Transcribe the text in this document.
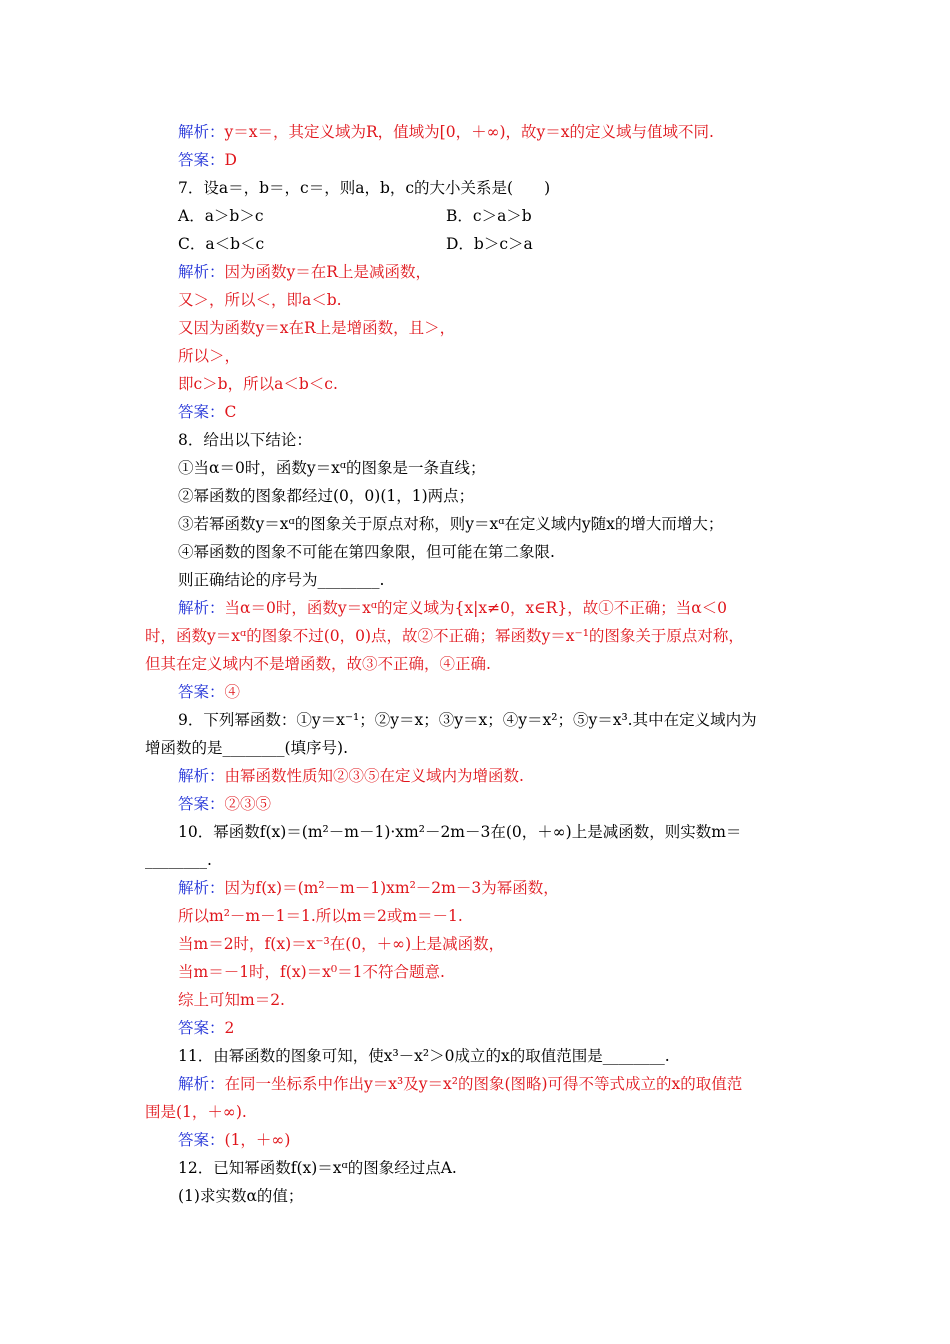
解析：y＝x＝，其定义域为R，值域为[0，＋∞)，故y＝x的定义域与值域不同.
答案：D
7．设a＝，b＝，c＝，则a，b，c的大小关系是(　　)
A．a＞b＞c	B．c＞a＞b
C．a＜b＜c	D．b＞c＞a
解析：因为函数y＝在R上是减函数，
又＞，所以＜，即a＜b.
又因为函数y＝x在R上是增函数，且＞，
所以＞，
即c＞b，所以a＜b＜c.
答案：C
8．给出以下结论：
①当α＝0时，函数y＝xᵅ的图象是一条直线；
②幂函数的图象都经过(0，0)(1，1)两点；
③若幂函数y＝xᵅ的图象关于原点对称，则y＝xᵅ在定义域内y随x的增大而增大；
④幂函数的图象不可能在第四象限，但可能在第二象限.
则正确结论的序号为________.
解析：当α＝0时，函数y＝xᵅ的定义域为{x|x≠0，x∈R}，故①不正确；当α＜0
时，函数y＝xᵅ的图象不过(0，0)点，故②不正确；幂函数y＝x⁻¹的图象关于原点对称，
但其在定义域内不是增函数，故③不正确，④正确.
答案：④
9．下列幂函数：①y＝x⁻¹；②y＝x；③y＝x；④y＝x²；⑤y＝x³.其中在定义域内为
增函数的是________(填序号).
解析：由幂函数性质知②③⑤在定义域内为增函数.
答案：②③⑤
10．幂函数f(x)＝(m²－m－1)·xm²－2m－3在(0，＋∞)上是减函数，则实数m＝
________.
解析：因为f(x)＝(m²－m－1)xm²－2m－3为幂函数，
所以m²－m－1＝1.所以m＝2或m＝－1.
当m＝2时，f(x)＝x⁻³在(0，＋∞)上是减函数，
当m＝－1时，f(x)＝x⁰＝1不符合题意.
综上可知m＝2.
答案：2
11．由幂函数的图象可知，使x³－x²＞0成立的x的取值范围是________.
解析：在同一坐标系中作出y＝x³及y＝x²的图象(图略)可得不等式成立的x的取值范
围是(1，＋∞).
答案：(1，＋∞)
12．已知幂函数f(x)＝xᵅ的图象经过点A.
(1)求实数α的值；
